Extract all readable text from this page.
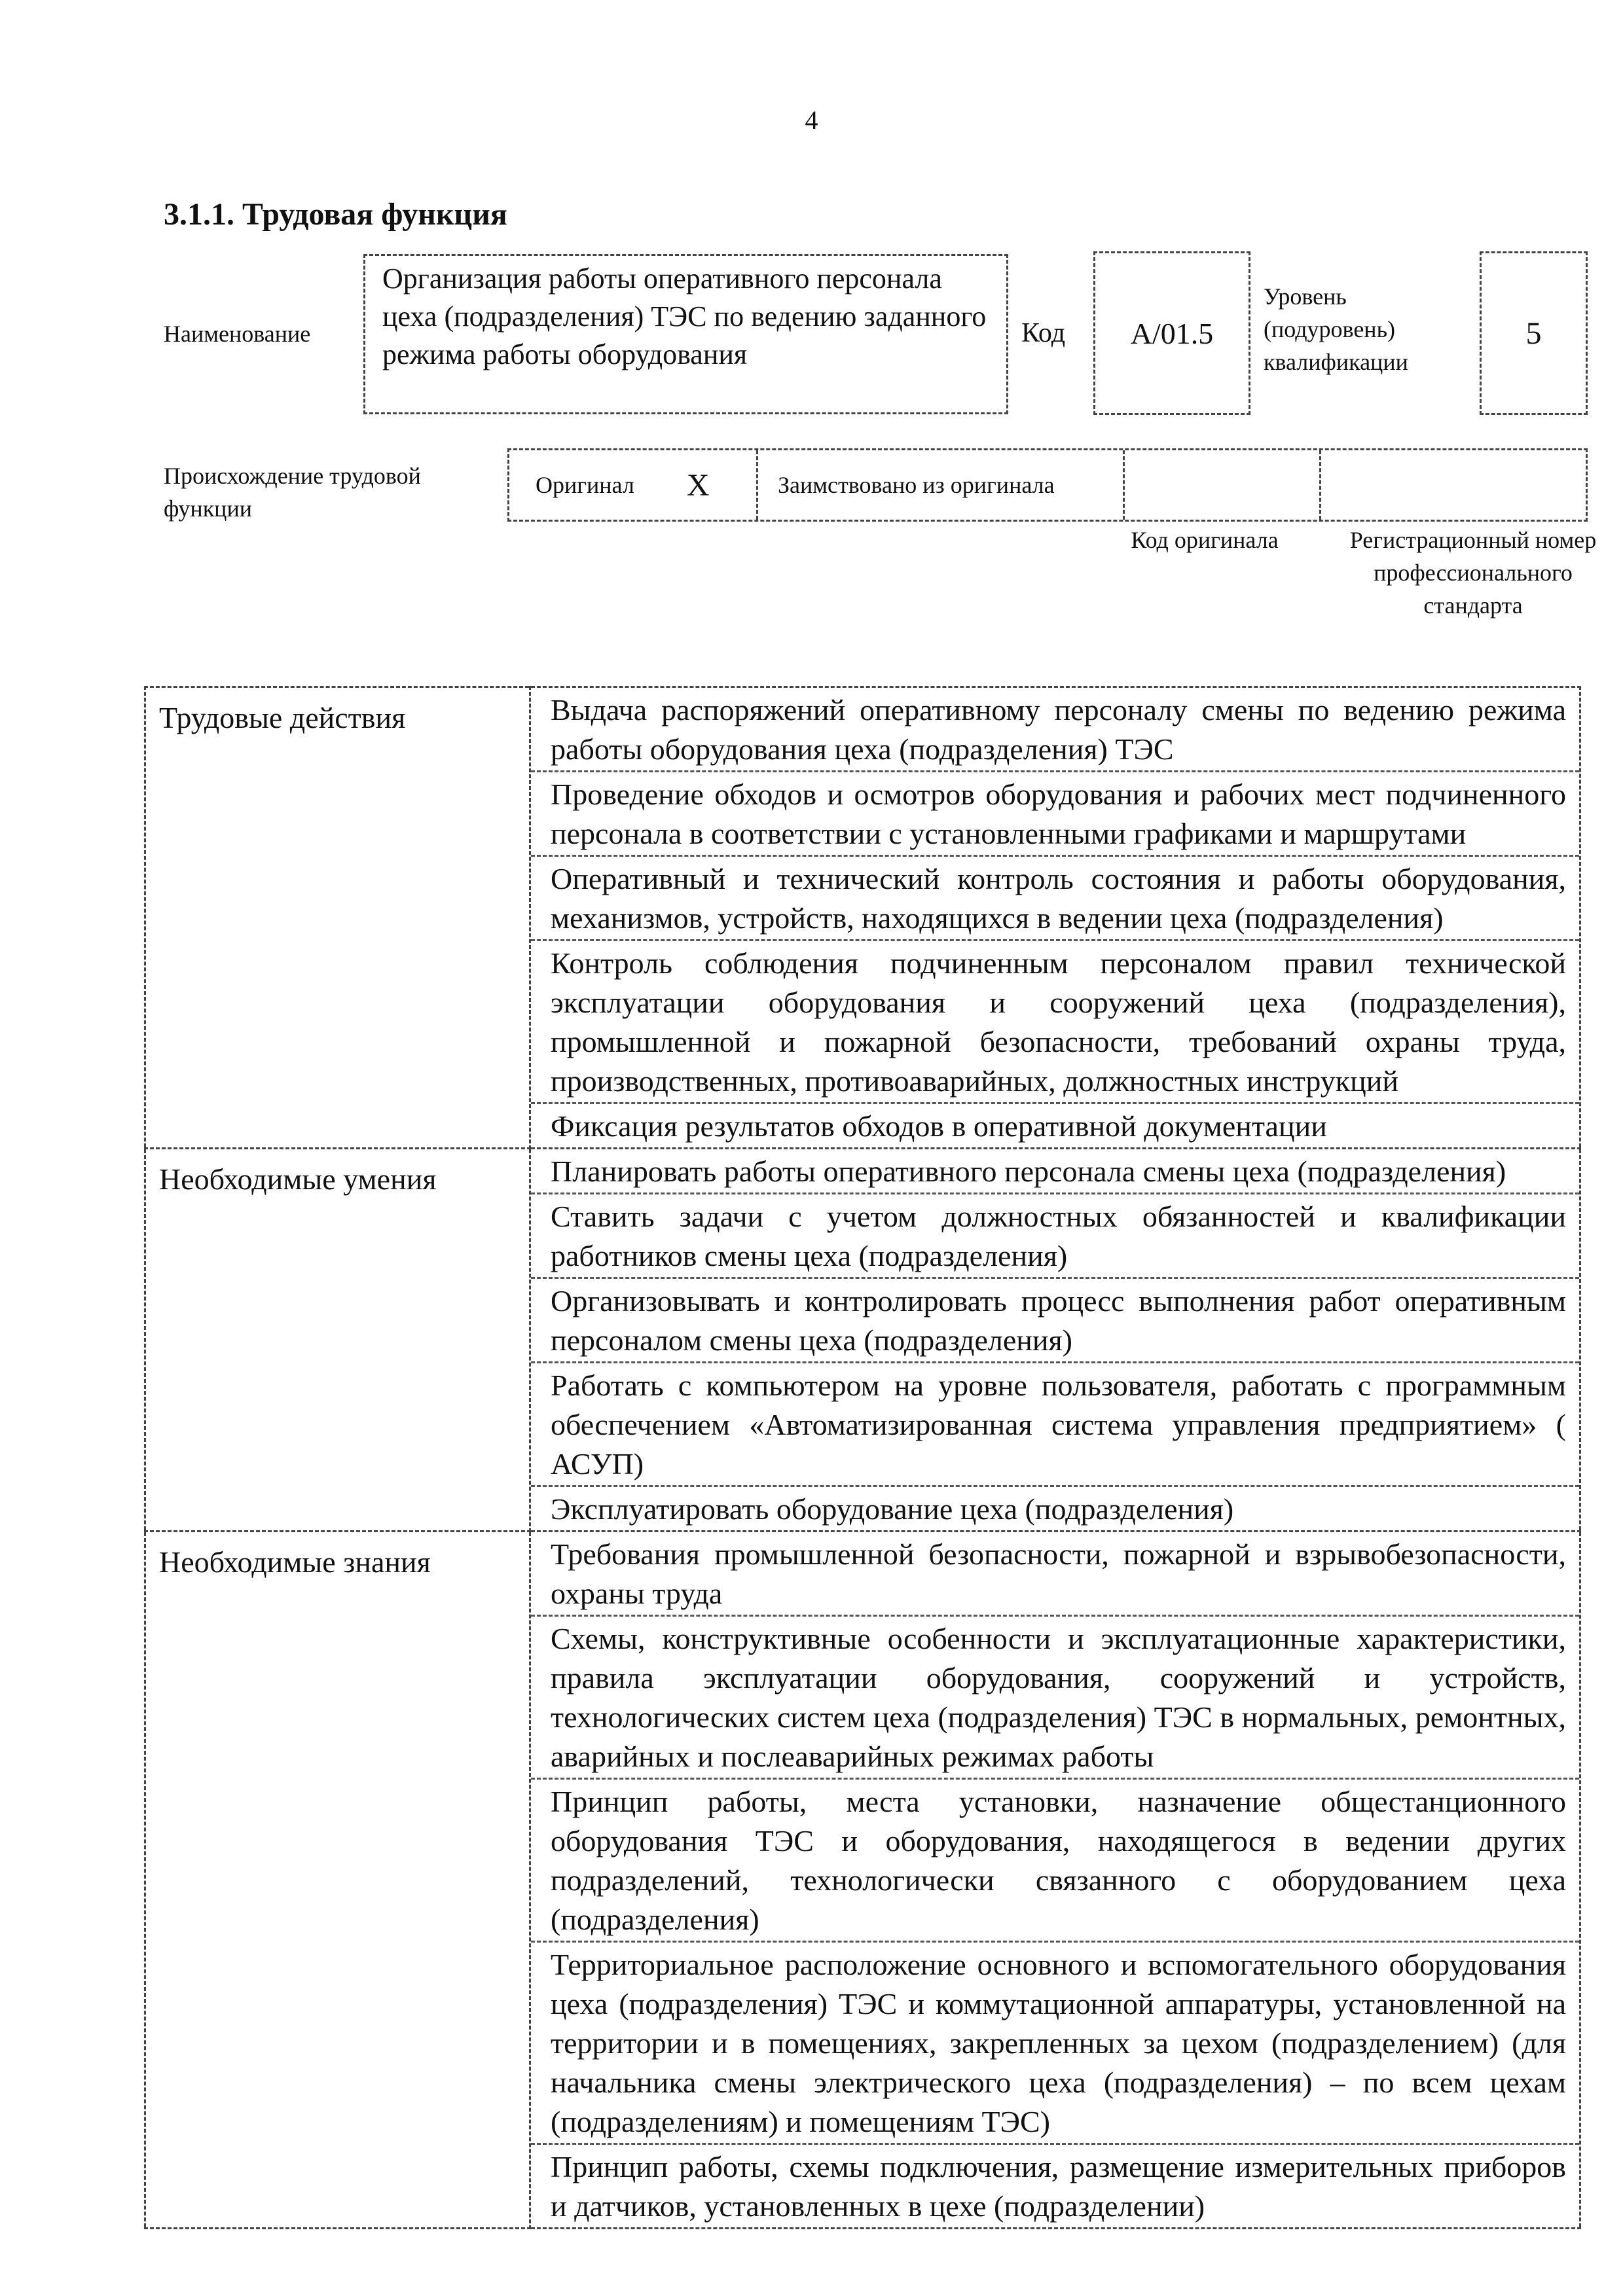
4
3.1.1. Трудовая функция
Наименование
Организация работы оперативного персонала цеха (подразделения) ТЭС по ведению заданного режима работы оборудования
Код	А/01.5
Уровень (подуровень) квалификации
5
Происхождение трудовой функции
Оригинал X	Заимствовано из оригинала
Код оригинала	Регистрационный номер профессионального стандарта
Трудовые действия	Выдача распоряжений оперативному персоналу смены по ведению режима работы оборудования цеха (подразделения) ТЭС
Проведение обходов и осмотров оборудования и рабочих мест подчиненного персонала в соответствии с установленными графиками и маршрутами
Оперативный и технический контроль состояния и работы оборудования, механизмов, устройств, находящихся в ведении цеха (подразделения)
Контроль соблюдения подчиненным персоналом правил технической эксплуатации оборудования и сооружений цеха (подразделения), промышленной и пожарной безопасности, требований охраны труда, производственных, противоаварийных, должностных инструкций
Фиксация результатов обходов в оперативной документации

Необходимые умения	Планировать работы оперативного персонала смены цеха (подразделения)
Ставить задачи с учетом должностных обязанностей и квалификации работников смены цеха (подразделения)
Организовывать и контролировать процесс выполнения работ оперативным персоналом смены цеха (подразделения)
Работать с компьютером на уровне пользователя, работать с программным обеспечением «Автоматизированная система управления предприятием» ( АСУП)
Эксплуатировать оборудование цеха (подразделения)

Необходимые знания	Требования промышленной безопасности, пожарной и взрывобезопасности, охраны труда
Схемы, конструктивные особенности и эксплуатационные характеристики, правила эксплуатации оборудования, сооружений и устройств, технологических систем цеха (подразделения) ТЭС в нормальных, ремонтных, аварийных и послеаварийных режимах работы
Принцип работы, места установки, назначение общестанционного оборудования ТЭС и оборудования, находящегося в ведении других подразделений, технологически связанного с оборудованием цеха (подразделения)
Территориальное расположение основного и вспомогательного оборудования цеха (подразделения) ТЭС и коммутационной аппаратуры, установленной на территории и в помещениях, закрепленных за цехом (подразделением) (для начальника смены электрического цеха (подразделения) – по всем цехам (подразделениям) и помещениям ТЭС)
Принцип работы, схемы подключения, размещение измерительных приборов и датчиков, установленных в цехе (подразделении)
